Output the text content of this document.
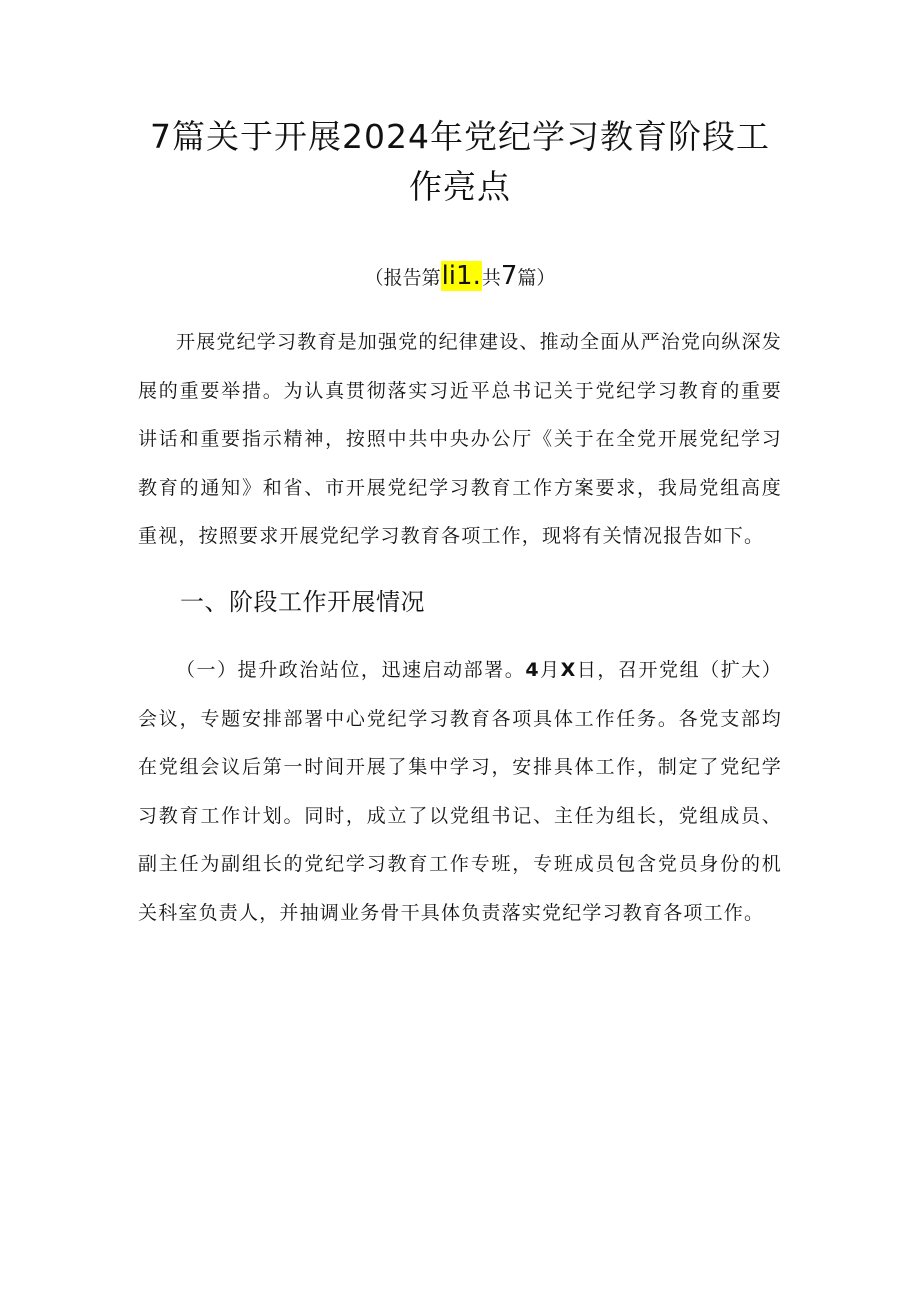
7篇关于开展2024年党纪学习教育阶段工
作亮点

（报告第li1.共7篇）

开展党纪学习教育是加强党的纪律建设、推动全面从严治党向纵深发展的重要举措。为认真贯彻落实习近平总书记关于党纪学习教育的重要讲话和重要指示精神，按照中共中央办公厅《关于在全党开展党纪学习教育的通知》和省、市开展党纪学习教育工作方案要求，我局党组高度重视，按照要求开展党纪学习教育各项工作，现将有关情况报告如下。

一、阶段工作开展情况

（一）提升政治站位，迅速启动部署。4月X日，召开党组（扩大）会议，专题安排部署中心党纪学习教育各项具体工作任务。各党支部均在党组会议后第一时间开展了集中学习，安排具体工作，制定了党纪学习教育工作计划。同时，成立了以党组书记、主任为组长，党组成员、副主任为副组长的党纪学习教育工作专班，专班成员包含党员身份的机关科室负责人，并抽调业务骨干具体负责落实党纪学习教育各项工作。
